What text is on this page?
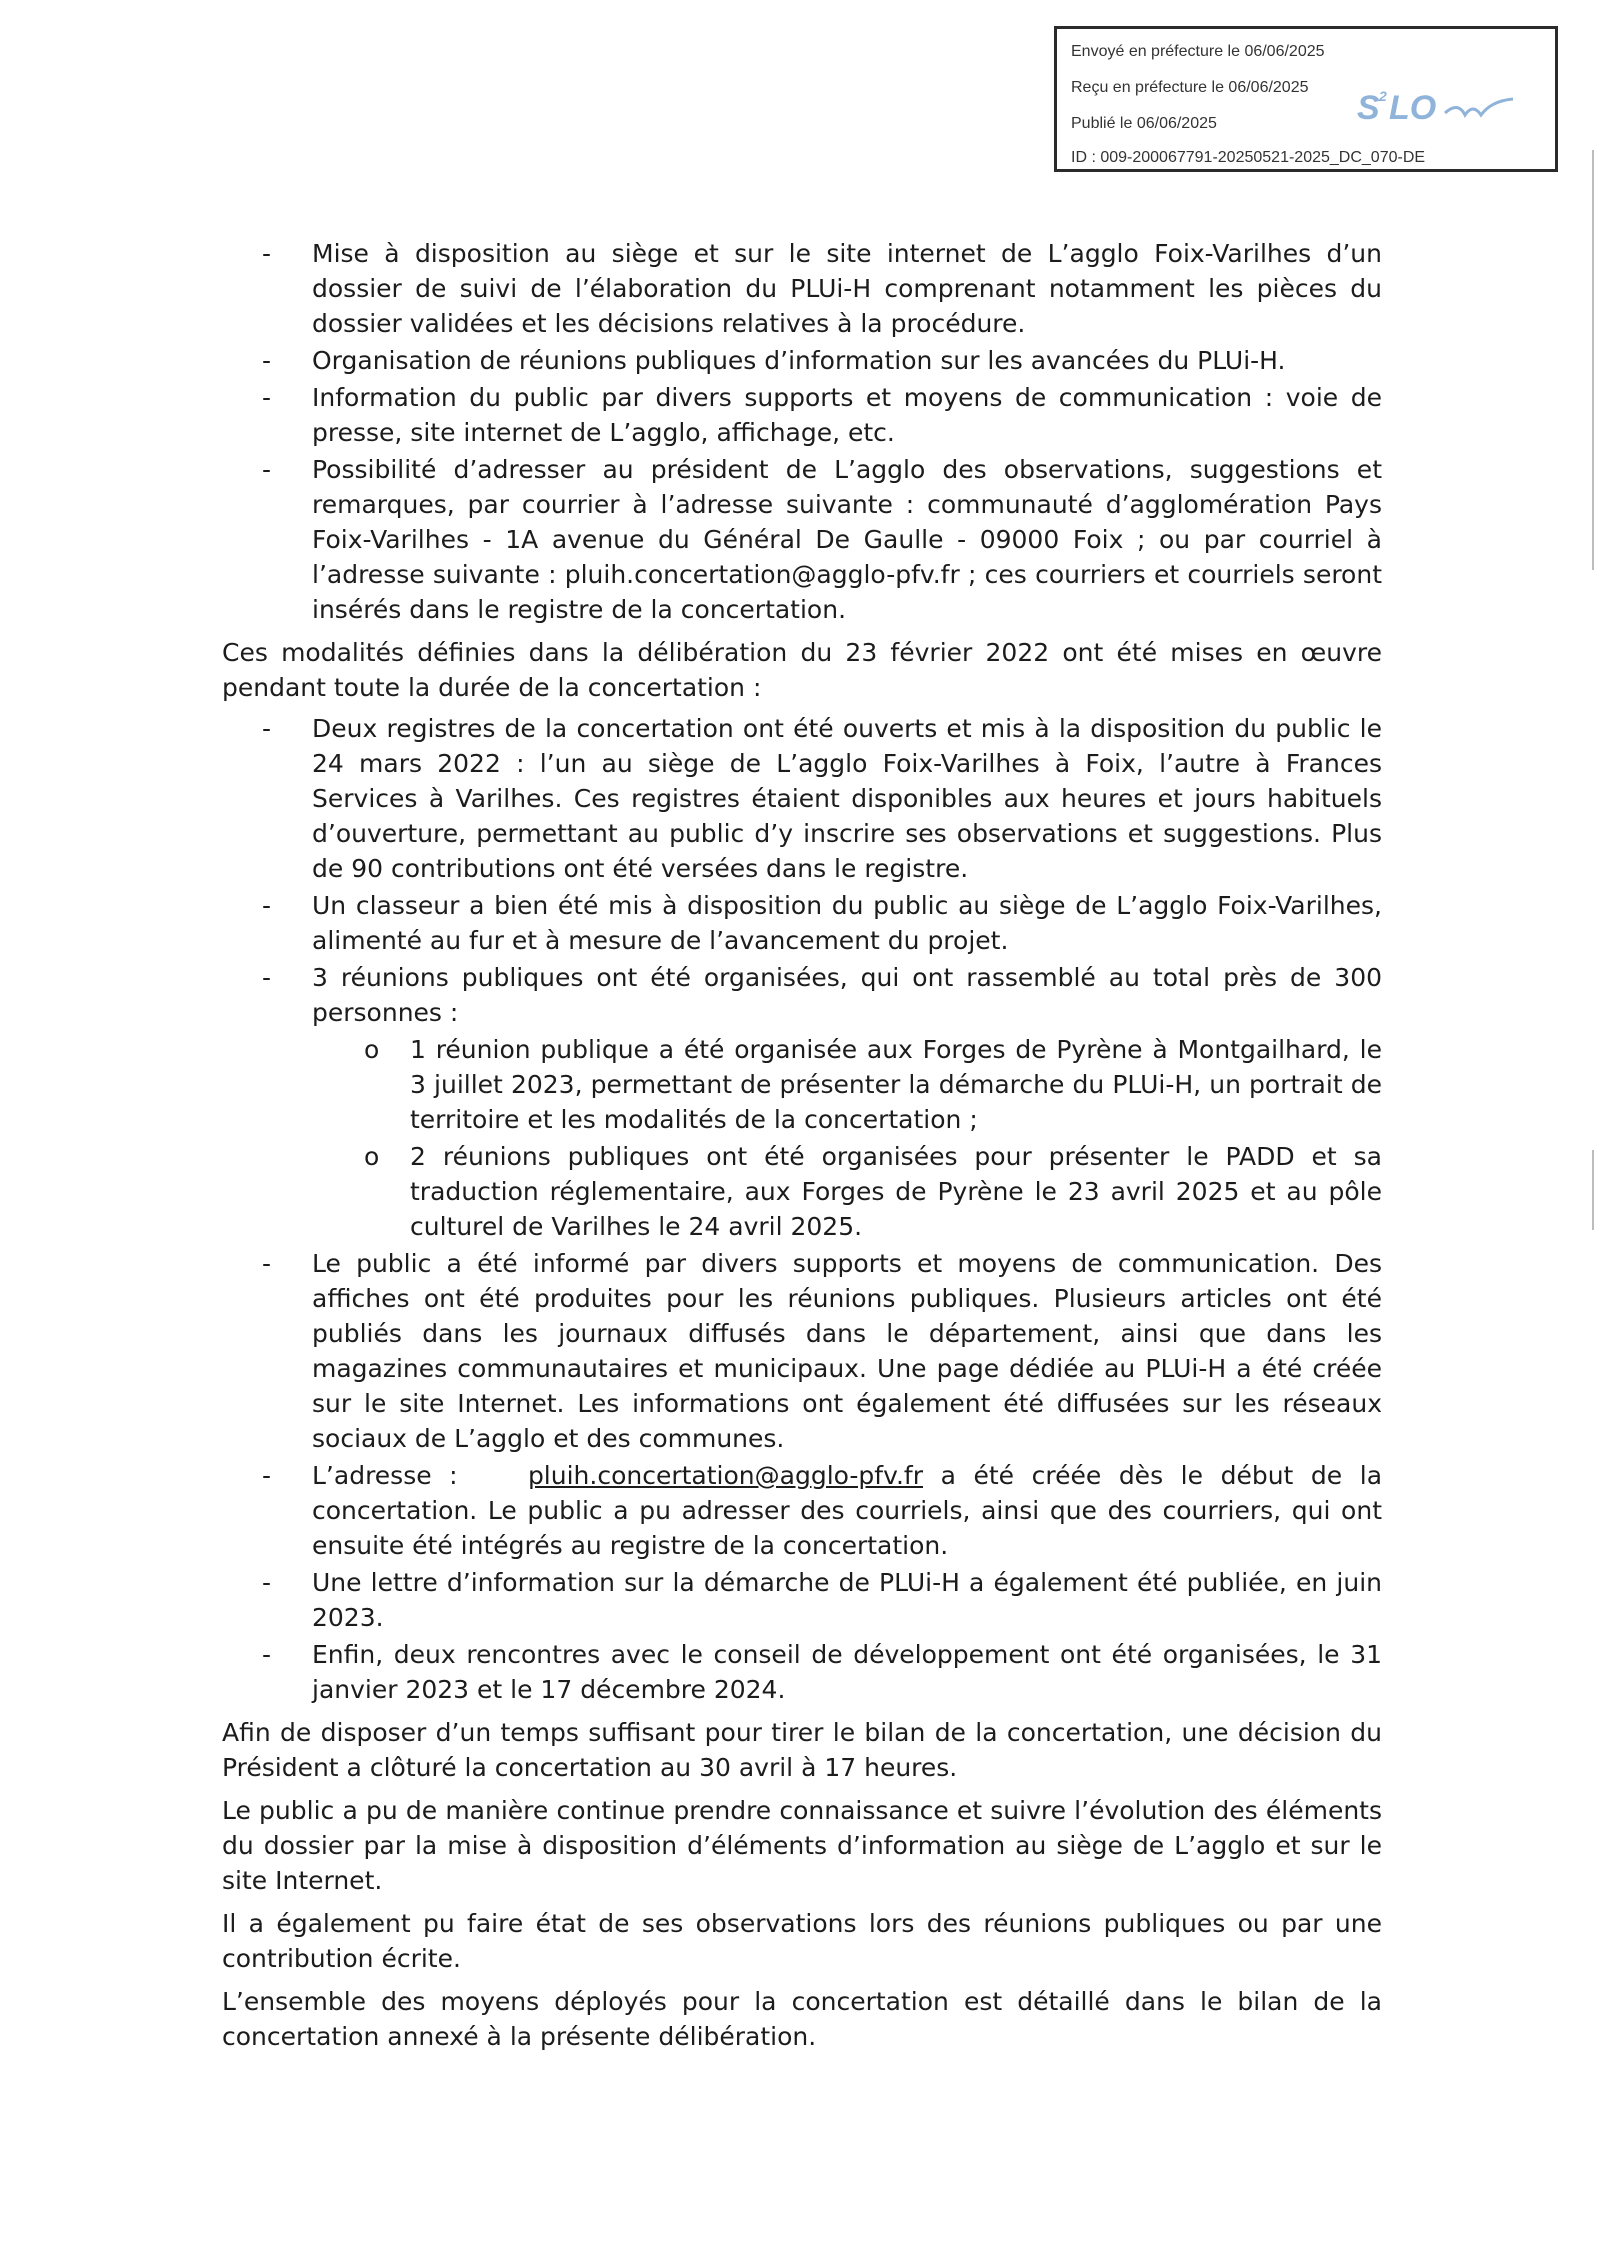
Envoyé en préfecture le 06/06/2025
Reçu en préfecture le 06/06/2025
Publié le 06/06/2025
ID : 009-200067791-20250521-2025_DC_070-DE
S 2 LO
- Mise à disposition au siège et sur le site internet de L’agglo Foix-Varilhes d’un dossier de suivi de l’élaboration du PLUi-H comprenant notamment les pièces du dossier validées et les décisions relatives à la procédure.
- Organisation de réunions publiques d’information sur les avancées du PLUi-H.
- Information du public par divers supports et moyens de communication : voie de presse, site internet de L’agglo, affichage, etc.
- Possibilité d’adresser au président de L’agglo des observations, suggestions et remarques, par courrier à l’adresse suivante : communauté d’agglomération Pays Foix-Varilhes - 1A avenue du Général De Gaulle - 09000 Foix ; ou par courriel à l’adresse suivante : pluih.concertation@agglo-pfv.fr ; ces courriers et courriels seront insérés dans le registre de la concertation.

Ces modalités définies dans la délibération du 23 février 2022 ont été mises en œuvre pendant toute la durée de la concertation :

- Deux registres de la concertation ont été ouverts et mis à la disposition du public le 24 mars 2022 : l’un au siège de L’agglo Foix-Varilhes à Foix, l’autre à Frances Services à Varilhes. Ces registres étaient disponibles aux heures et jours habituels d’ouverture, permettant au public d’y inscrire ses observations et suggestions. Plus de 90 contributions ont été versées dans le registre.
- Un classeur a bien été mis à disposition du public au siège de L’agglo Foix-Varilhes, alimenté au fur et à mesure de l’avancement du projet.
- 3 réunions publiques ont été organisées, qui ont rassemblé au total près de 300 personnes :
o 1 réunion publique a été organisée aux Forges de Pyrène à Montgailhard, le 3 juillet 2023, permettant de présenter la démarche du PLUi-H, un portrait de territoire et les modalités de la concertation ;
o 2 réunions publiques ont été organisées pour présenter le PADD et sa traduction réglementaire, aux Forges de Pyrène le 23 avril 2025 et au pôle culturel de Varilhes le 24 avril 2025.
- Le public a été informé par divers supports et moyens de communication. Des affiches ont été produites pour les réunions publiques. Plusieurs articles ont été publiés dans les journaux diffusés dans le département, ainsi que dans les magazines communautaires et municipaux. Une page dédiée au PLUi-H a été créée sur le site Internet. Les informations ont également été diffusées sur les réseaux sociaux de L’agglo et des communes.
- L’adresse :    pluih.concertation@agglo-pfv.fr a été créée dès le début de la concertation. Le public a pu adresser des courriels, ainsi que des courriers, qui ont ensuite été intégrés au registre de la concertation.
- Une lettre d’information sur la démarche de PLUi-H a également été publiée, en juin 2023.
- Enfin, deux rencontres avec le conseil de développement ont été organisées, le 31 janvier 2023 et le 17 décembre 2024.

Afin de disposer d’un temps suffisant pour tirer le bilan de la concertation, une décision du Président a clôturé la concertation au 30 avril à 17 heures.

Le public a pu de manière continue prendre connaissance et suivre l’évolution des éléments du dossier par la mise à disposition d’éléments d’information au siège de L’agglo et sur le site Internet.

Il a également pu faire état de ses observations lors des réunions publiques ou par une contribution écrite.

L’ensemble des moyens déployés pour la concertation est détaillé dans le bilan de la concertation annexé à la présente délibération.
